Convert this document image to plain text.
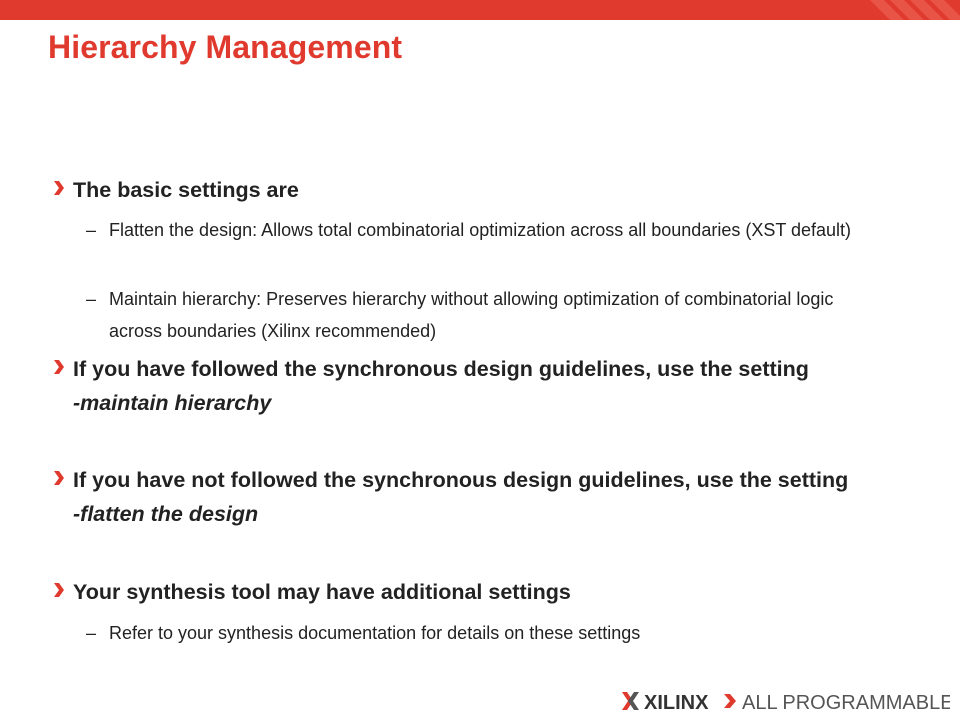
Hierarchy Management
The basic settings are
– Flatten the design: Allows total combinatorial optimization across all boundaries (XST default)
– Maintain hierarchy: Preserves hierarchy without allowing optimization of combinatorial logic across boundaries (Xilinx recommended)
If you have followed the synchronous design guidelines, use the setting
-maintain hierarchy
If you have not followed the synchronous design guidelines, use the setting
-flatten the design
Your synthesis tool may have additional settings
– Refer to your synthesis documentation for details on these settings
XILINX ALL PROGRAMMABLE.
